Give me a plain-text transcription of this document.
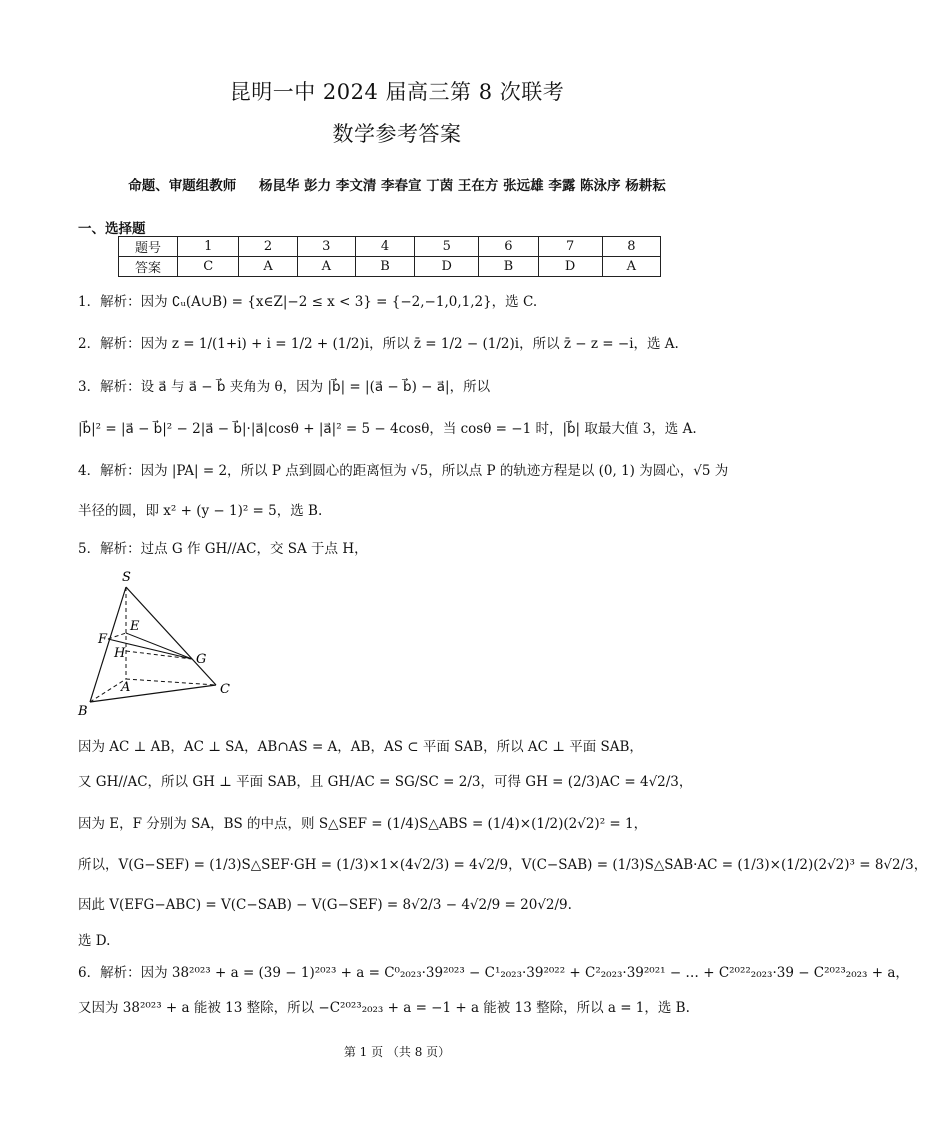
昆明一中 2024 届高三第 8 次联考
数学参考答案
命题、审题组教师 杨昆华 彭力 李文清 李春宣 丁茵 王在方 张远雄 李露 陈泳序 杨耕耘
一、选择题
题号	1	2	3	4	5	6	7	8
答案	C	A	A	B	D	B	D	A
1．解析：因为 ∁ᵤ(A∪B) = {x∈Z|−2 ≤ x < 3} = {−2,−1,0,1,2}，选 C.
2．解析：因为 z = 1/(1+i) + i = 1/2 + (1/2)i，所以 z̄ = 1/2 − (1/2)i，所以 z̄ − z = −i，选 A.
3．解析：设 a⃗ 与 a⃗ − b⃗ 夹角为 θ，因为 |b⃗| = |(a⃗ − b⃗) − a⃗|，所以
|b⃗|² = |a⃗ − b⃗|² − 2|a⃗ − b⃗|·|a⃗|cosθ + |a⃗|² = 5 − 4cosθ，当 cosθ = −1 时，|b⃗| 取最大值 3，选 A.
4．解析：因为 |PA| = 2，所以 P 点到圆心的距离恒为 √5，所以点 P 的轨迹方程是以 (0, 1) 为圆心，√5 为
半径的圆，即 x² + (y − 1)² = 5，选 B.
5．解析：过点 G 作 GH//AC，交 SA 于点 H，
S
E
F
H	G
A
B
C
因为 AC ⊥ AB，AC ⊥ SA，AB∩AS = A，AB，AS ⊂ 平面 SAB，所以 AC ⊥ 平面 SAB，
又 GH//AC，所以 GH ⊥ 平面 SAB，且 GH/AC = SG/SC = 2/3，可得 GH = (2/3)AC = 4√2/3，
因为 E，F 分别为 SA，BS 的中点，则 S△SEF = (1/4)S△ABS = (1/4)×(1/2)(2√2)² = 1，
所以，V(G−SEF) = (1/3)S△SEF·GH = (1/3)×1×(4√2/3) = 4√2/9，V(C−SAB) = (1/3)S△SAB·AC = (1/3)×(1/2)(2√2)³ = 8√2/3，
因此 V(EFG−ABC) = V(C−SAB) − V(G−SEF) = 8√2/3 − 4√2/9 = 20√2/9.
选 D.
6．解析：因为 38²⁰²³ + a = (39 − 1)²⁰²³ + a = C⁰₂₀₂₃·39²⁰²³ − C¹₂₀₂₃·39²⁰²² + C²₂₀₂₃·39²⁰²¹ − … + C²⁰²²₂₀₂₃·39 − C²⁰²³₂₀₂₃ + a，
又因为 38²⁰²³ + a 能被 13 整除，所以 −C²⁰²³₂₀₂₃ + a = −1 + a 能被 13 整除，所以 a = 1，选 B.
第 1 页 （共 8 页）
